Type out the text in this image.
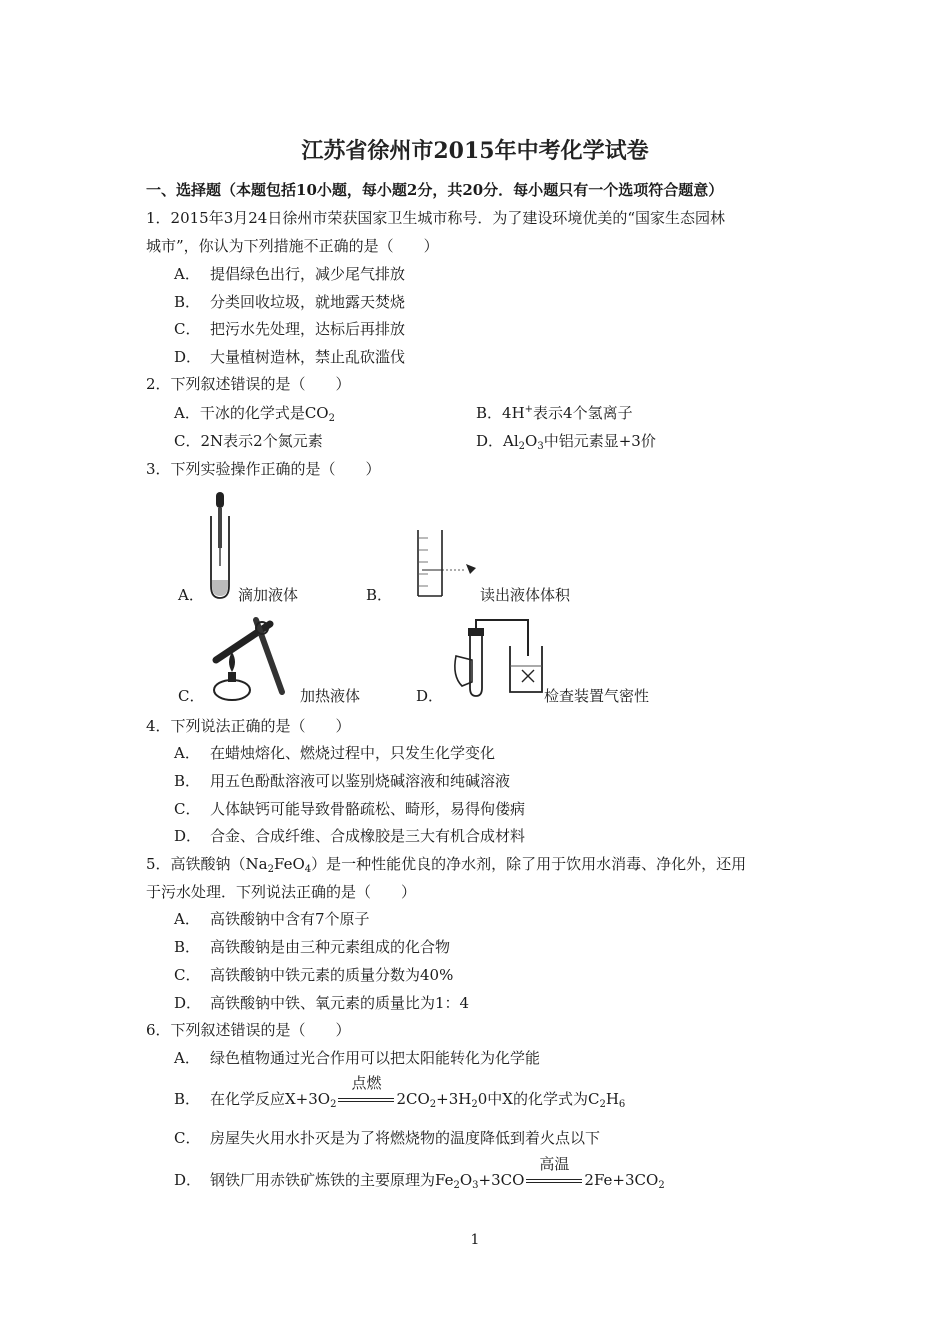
江苏省徐州市2015年中考化学试卷
一、选择题（本题包括10小题，每小题2分，共20分．每小题只有一个选项符合题意）
1．2015年3月24日徐州市荣获国家卫生城市称号．为了建设环境优美的“国家生态园林
城市”，你认为下列措施不正确的是（　　）
A． 提倡绿色出行，减少尾气排放
B． 分类回收垃圾，就地露天焚烧
C． 把污水先处理，达标后再排放
D． 大量植树造林，禁止乱砍滥伐
2．下列叙述错误的是（　　）
A．干冰的化学式是$CO_2$	B．4H+表示4个氢离子
C．2N表示2个氮元素	D．$Al_2O_3$中铝元素显+3价
3．下列实验操作正确的是（　　）
A． 滴加液体	B．	读出液体体积
C．	加热液体	D．	检查装置气密性
4．下列说法正确的是（　　）
A． 在蜡烛熔化、燃烧过程中，只发生化学变化
B． 用五色酚酞溶液可以鉴别烧碱溶液和纯碱溶液
C． 人体缺钙可能导致骨骼疏松、畸形，易得佝偻病
D． 合金、合成纤维、合成橡胶是三大有机合成材料
5．高铁酸钠$(Na_2FeO_4)$是一种性能优良的净水剂，除了用于饮用水消毒、净化外，还用
于污水处理．下列说法正确的是（　　）
A． 高铁酸钠中含有7个原子
B． 高铁酸钠是由三种元素组成的化合物
C． 高铁酸钠中铁元素的质量分数为40%
D． 高铁酸钠中铁、氧元素的质量比为1：4
6．下列叙述错误的是（　　）
A． 绿色植物通过光合作用可以把太阳能转化为化学能
B． 在化学反应$X+3O_2$
点燃
$2CO_2+3H_20$中X的化学式为$C_2H_6$
C． 房屋失火用水扑灭是为了将燃烧物的温度降低到着火点以下
D． 钢铁厂用赤铁矿炼铁的主要原理为$Fe_2O_3+3CO$
高温
$2Fe+3CO_2$
1
